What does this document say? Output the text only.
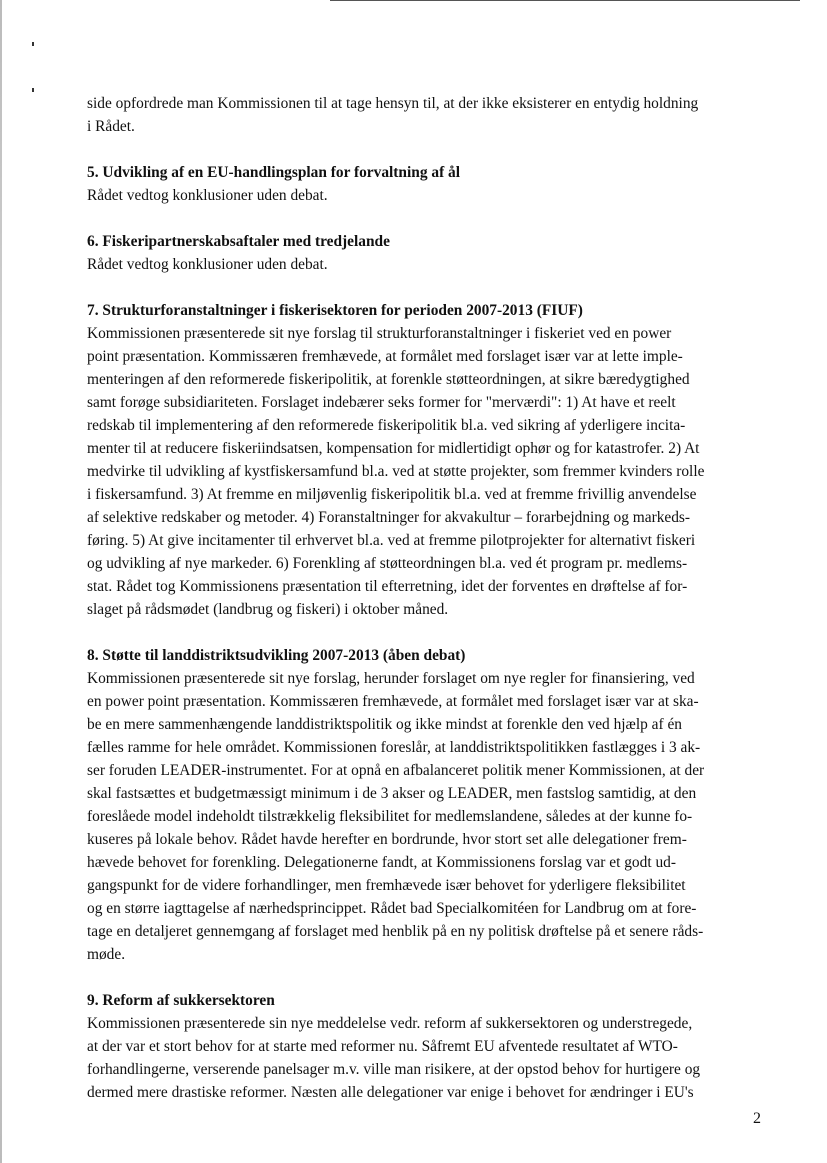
side opfordrede man Kommissionen til at tage hensyn til, at der ikke eksisterer en entydig holdning

i Rådet.

5. Udvikling af en EU-handlingsplan for forvaltning af ål

Rådet vedtog konklusioner uden debat.

6. Fiskeripartnerskabsaftaler med tredjelande

Rådet vedtog konklusioner uden debat.

7. Strukturforanstaltninger i fiskerisektoren for perioden 2007-2013 (FIUF)

Kommissionen præsenterede sit nye forslag til strukturforanstaltninger i fiskeriet ved en power

point præsentation. Kommissæren fremhævede, at formålet med forslaget især var at lette imple-

menteringen af den reformerede fiskeripolitik, at forenkle støtteordningen, at sikre bæredygtighed

samt forøge subsidiariteten. Forslaget indebærer seks former for "merværdi": 1) At have et reelt

redskab til implementering af den reformerede fiskeripolitik bl.a. ved sikring af yderligere incita-

menter til at reducere fiskeriindsatsen, kompensation for midlertidigt ophør og for katastrofer. 2) At

medvirke til udvikling af kystfiskersamfund bl.a. ved at støtte projekter, som fremmer kvinders rolle

i fiskersamfund. 3) At fremme en miljøvenlig fiskeripolitik bl.a. ved at fremme frivillig anvendelse

af selektive redskaber og metoder. 4) Foranstaltninger for akvakultur – forarbejdning og markeds-

føring. 5) At give incitamenter til erhvervet bl.a. ved at fremme pilotprojekter for alternativt fiskeri

og udvikling af nye markeder. 6) Forenkling af støtteordningen bl.a. ved ét program pr. medlems-

stat. Rådet tog Kommissionens præsentation til efterretning, idet der forventes en drøftelse af for-

slaget på rådsmødet (landbrug og fiskeri) i oktober måned.

8. Støtte til landdistriktsudvikling 2007-2013 (åben debat)

Kommissionen præsenterede sit nye forslag, herunder forslaget om nye regler for finansiering, ved

en power point præsentation. Kommissæren fremhævede, at formålet med forslaget især var at ska-

be en mere sammenhængende landdistriktspolitik og ikke mindst at forenkle den ved hjælp af én

fælles ramme for hele området. Kommissionen foreslår, at landdistriktspolitikken fastlægges i 3 ak-

ser foruden LEADER-instrumentet. For at opnå en afbalanceret politik mener Kommissionen, at der

skal fastsættes et budgetmæssigt minimum i de 3 akser og LEADER, men fastslog samtidig, at den

foreslåede model indeholdt tilstrækkelig fleksibilitet for medlemslandene, således at der kunne fo-

kuseres på lokale behov. Rådet havde herefter en bordrunde, hvor stort set alle delegationer frem-

hævede behovet for forenkling. Delegationerne fandt, at Kommissionens forslag var et godt ud-

gangspunkt for de videre forhandlinger, men fremhævede især behovet for yderligere fleksibilitet

og en større iagttagelse af nærhedsprincippet. Rådet bad Specialkomitéen for Landbrug om at fore-

tage en detaljeret gennemgang af forslaget med henblik på en ny politisk drøftelse på et senere råds-

møde.

9. Reform af sukkersektoren

Kommissionen præsenterede sin nye meddelelse vedr. reform af sukkersektoren og understregede,

at der var et stort behov for at starte med reformer nu. Såfremt EU afventede resultatet af WTO-

forhandlingerne, verserende panelsager m.v. ville man risikere, at der opstod behov for hurtigere og

dermed mere drastiske reformer. Næsten alle delegationer var enige i behovet for ændringer i EU's

2
